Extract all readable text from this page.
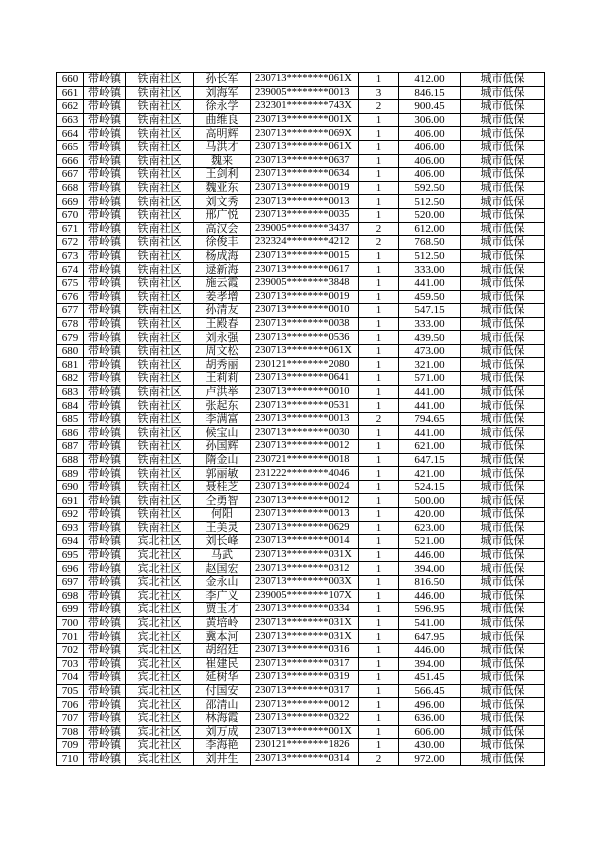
660	带岭镇	铁南社区	孙长军	230713********061X	1	412.00	城市低保
661	带岭镇	铁南社区	刘海军	239005********0013	3	846.15	城市低保
662	带岭镇	铁南社区	徐永学	232301********743X	2	900.45	城市低保
663	带岭镇	铁南社区	曲维良	230713********001X	1	306.00	城市低保
664	带岭镇	铁南社区	高明辉	230713********069X	1	406.00	城市低保
665	带岭镇	铁南社区	马洪才	230713********061X	1	406.00	城市低保
666	带岭镇	铁南社区	魏来	230713********0637	1	406.00	城市低保
667	带岭镇	铁南社区	王剑利	230713********0634	1	406.00	城市低保
668	带岭镇	铁南社区	魏亚东	230713********0019	1	592.50	城市低保
669	带岭镇	铁南社区	刘文秀	230713********0013	1	512.50	城市低保
670	带岭镇	铁南社区	邢广悦	230713********0035	1	520.00	城市低保
671	带岭镇	铁南社区	高汉会	239005********3437	2	612.00	城市低保
672	带岭镇	铁南社区	徐俊丰	232324********4212	2	768.50	城市低保
673	带岭镇	铁南社区	杨成海	230713********0015	1	512.50	城市低保
674	带岭镇	铁南社区	逯新海	230713********0617	1	333.00	城市低保
675	带岭镇	铁南社区	施云霞	239005********3848	1	441.00	城市低保
676	带岭镇	铁南社区	姜孝增	230713********0019	1	459.50	城市低保
677	带岭镇	铁南社区	孙清友	230713********0010	1	547.15	城市低保
678	带岭镇	铁南社区	王殿春	230713********0038	1	333.00	城市低保
679	带岭镇	铁南社区	刘永强	230713********0536	1	439.50	城市低保
680	带岭镇	铁南社区	周文松	230713********061X	1	473.00	城市低保
681	带岭镇	铁南社区	胡秀丽	230121********2080	1	321.00	城市低保
682	带岭镇	铁南社区	王莉莉	230713********0641	1	571.00	城市低保
683	带岭镇	铁南社区	卢洪举	230713********0010	1	441.00	城市低保
684	带岭镇	铁南社区	张起东	230713********0531	1	441.00	城市低保
685	带岭镇	铁南社区	李满富	230713********0013	2	794.65	城市低保
686	带岭镇	铁南社区	候宝山	230713********0030	1	441.00	城市低保
687	带岭镇	铁南社区	孙国辉	230713********0012	1	621.00	城市低保
688	带岭镇	铁南社区	隋金山	230721********0018	1	647.15	城市低保
689	带岭镇	铁南社区	郭丽敏	231222********4046	1	421.00	城市低保
690	带岭镇	铁南社区	聂桂芝	230713********0024	1	524.15	城市低保
691	带岭镇	铁南社区	仝勇智	230713********0012	1	500.00	城市低保
692	带岭镇	铁南社区	何阳	230713********0013	1	420.00	城市低保
693	带岭镇	铁南社区	王美灵	230713********0629	1	623.00	城市低保
694	带岭镇	宾北社区	刘长峰	230713********0014	1	521.00	城市低保
695	带岭镇	宾北社区	马武	230713********031X	1	446.00	城市低保
696	带岭镇	宾北社区	赵国宏	230713********0312	1	394.00	城市低保
697	带岭镇	宾北社区	金永山	230713********003X	1	816.50	城市低保
698	带岭镇	宾北社区	李广义	239005********107X	1	446.00	城市低保
699	带岭镇	宾北社区	贾玉才	230713********0334	1	596.95	城市低保
700	带岭镇	宾北社区	黄培岭	230713********031X	1	541.00	城市低保
701	带岭镇	宾北社区	冀本河	230713********031X	1	647.95	城市低保
702	带岭镇	宾北社区	胡绍廷	230713********0316	1	446.00	城市低保
703	带岭镇	宾北社区	崔建民	230713********0317	1	394.00	城市低保
704	带岭镇	宾北社区	延树华	230713********0319	1	451.45	城市低保
705	带岭镇	宾北社区	付国安	230713********0317	1	566.45	城市低保
706	带岭镇	宾北社区	邵清山	230713********0012	1	496.00	城市低保
707	带岭镇	宾北社区	林海霞	230713********0322	1	636.00	城市低保
708	带岭镇	宾北社区	刘万成	230713********001X	1	606.00	城市低保
709	带岭镇	宾北社区	李海艳	230121********1826	1	430.00	城市低保
710	带岭镇	宾北社区	刘井生	230713********0314	2	972.00	城市低保
